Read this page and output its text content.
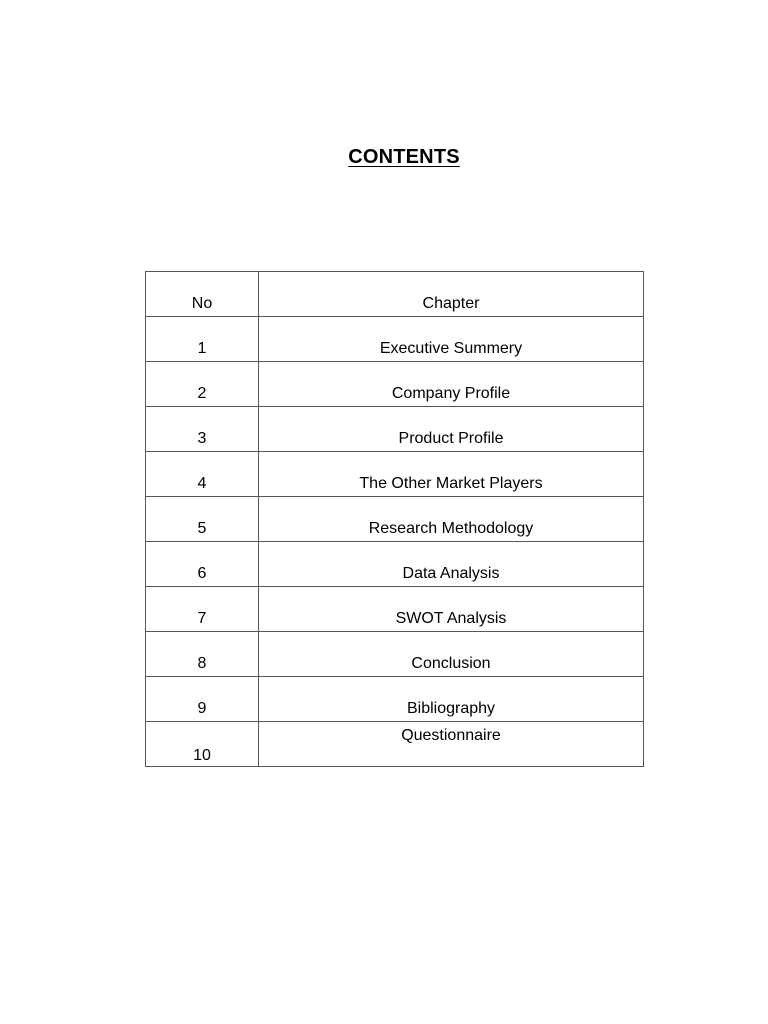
CONTENTS
No	Chapter
1	Executive Summery
2	Company Profile
3	Product Profile
4	The Other Market Players
5	Research Methodology
6	Data Analysis
7	SWOT Analysis
8	Conclusion
9	Bibliography
10	Questionnaire
